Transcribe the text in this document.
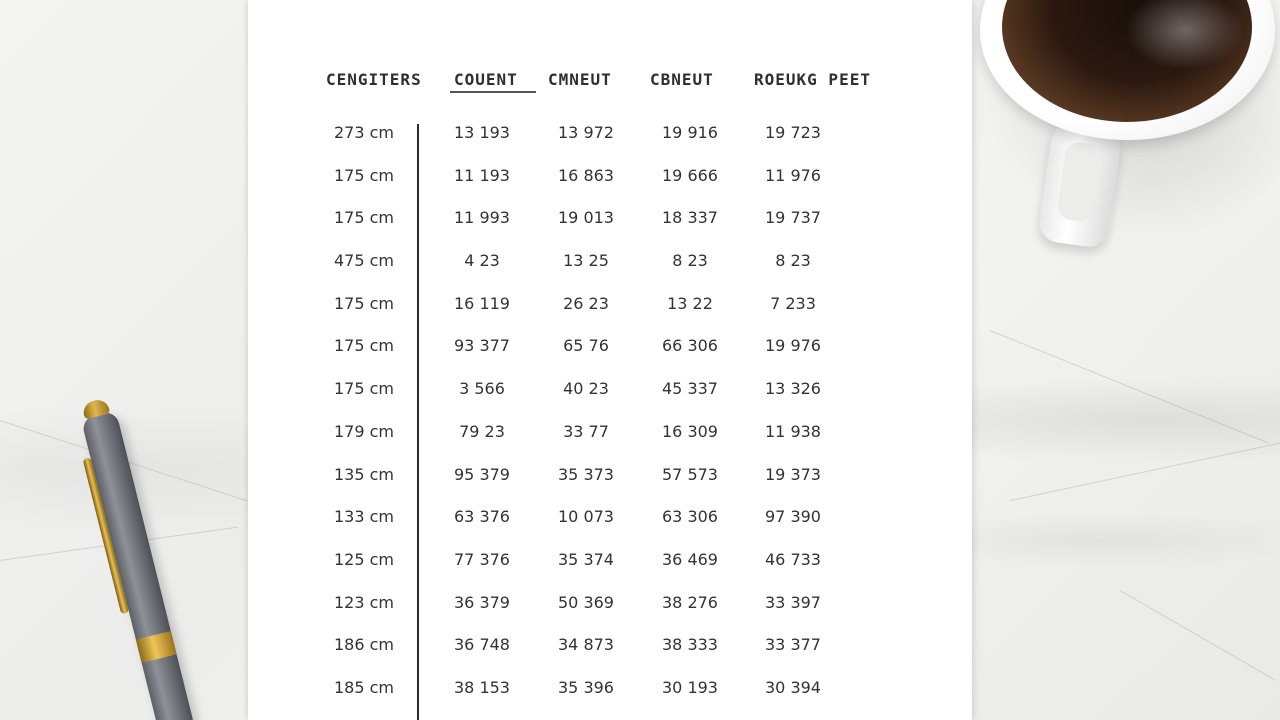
CENGITERS COUENT CMNEUT CBNEUT	ROEUKG PEET
273 cm	13 193	13 972	19 916	19 723
175 cm	11 193	16 863	19 666	11 976
175 cm	11 993	19 013	18 337	19 737
475 cm	4 23	13 25	8 23	8 23
175 cm	16 119	26 23	13 22	7 233
175 cm	93 377	65 76	66 306	19 976
175 cm	3 566	40 23	45 337	13 326
179 cm	79 23	33 77	16 309	11 938
135 cm	95 379	35 373	57 573	19 373
133 cm	63 376	10 073	63 306	97 390
125 cm	77 376	35 374	36 469	46 733
123 cm	36 379	50 369	38 276	33 397
186 cm	36 748	34 873	38 333	33 377
185 cm	38 153	35 396	30 193	30 394
